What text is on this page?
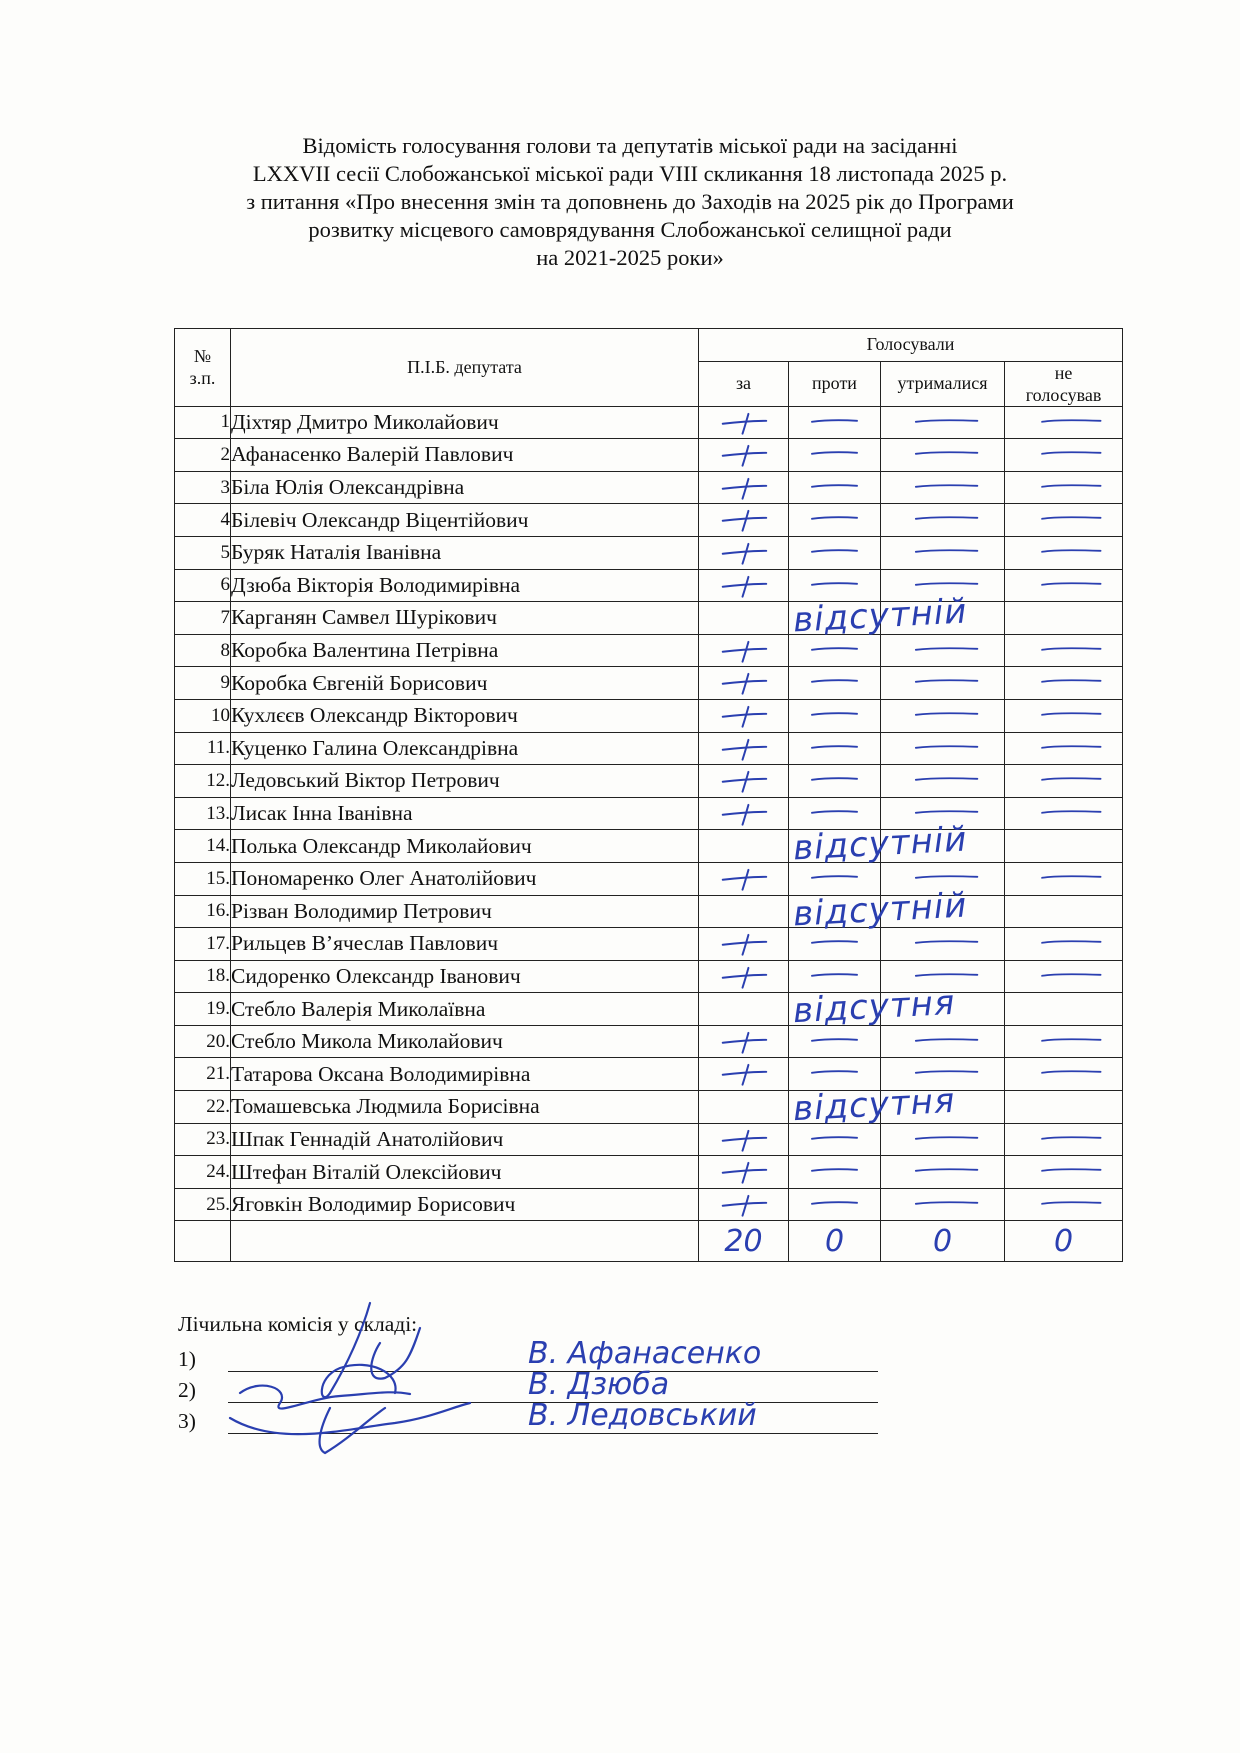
Відомість голосування голови та депутатів міської ради на засіданні
LXXVII сесії Слобожанської міської ради VIII скликання 18 листопада 2025 р.
з питання «Про внесення змін та доповнень до Заходів на 2025 рік до Програми
розвитку місцевого самоврядування Слобожанської селищної ради
на 2021-2025 роки»
№ з.п.	П.І.Б. депутата	Голосували			
		за	проти	утрималися	не голосував

1	Діхтяр Дмитро Миколайович	

2	Афанасенко Валерій Павлович	

3	Біла Юлія Олександрівна	

4	Білевіч Олександр Віцентійович	

5	Буряк Наталія Іванівна	

6	Дзюба Вікторія Володимирівна	

7	Карганян Самвел Шурікович		відсутній		

8	Коробка Валентина Петрівна	

9	Коробка Євгеній Борисович	

10	Кухлєєв Олександр Вікторович	

11.	Куценко Галина Олександрівна	

12.	Ледовський Віктор Петрович	

13.	Лисак Інна Іванівна	

14.	Полька Олександр Миколайович		відсутній		

15.	Пономаренко Олег Анатолійович	

16.	Різван Володимир Петрович		відсутній		

17.	Рильцев В’ячеслав Павлович	

18.	Сидоренко Олександр Іванович	

19.	Стебло Валерія Миколаївна		відсутня		

20.	Стебло Микола Миколайович	

21.	Татарова Оксана Володимирівна	

22.	Томашевська Людмила Борисівна		відсутня		

23.	Шпак Геннадій Анатолійович	

24.	Штефан Віталій Олексійович	

25.	Яговкін Володимир Борисович	

		20	0	0	0
Лічильна комісія у складі:
1)	В. Афанасенко
2)	В. Дзюба
3)	В. Ледовський
